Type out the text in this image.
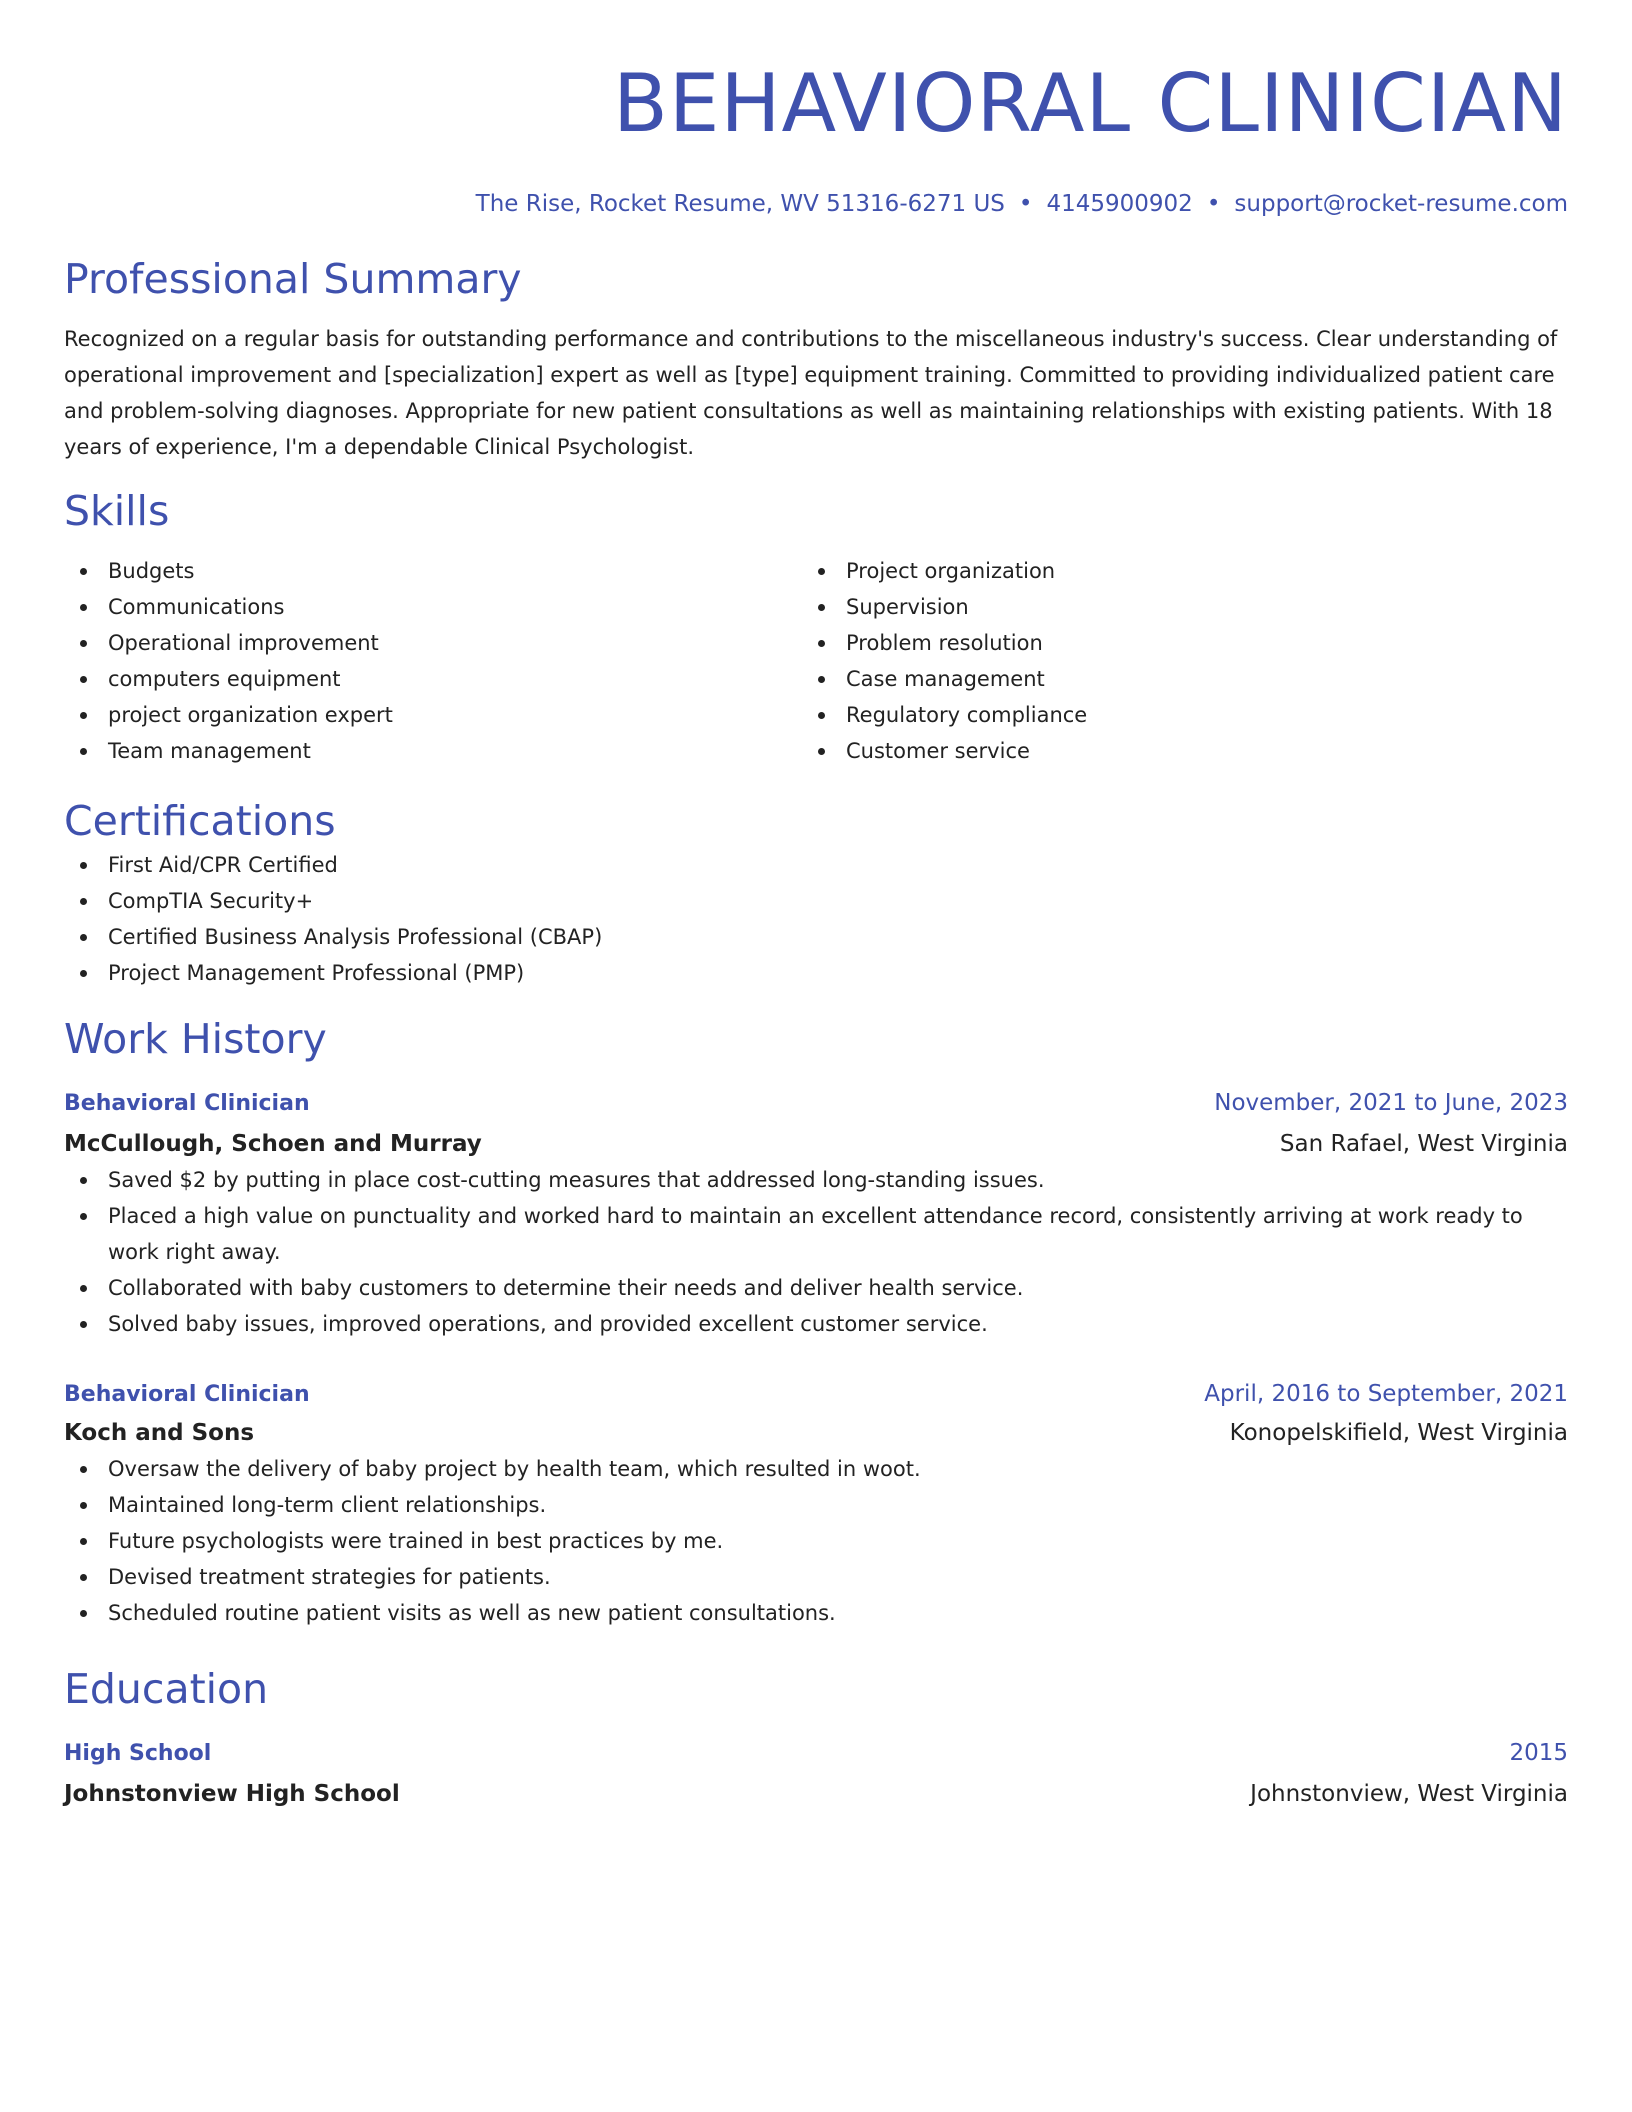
BEHAVIORAL CLINICIAN
The Rise, Rocket Resume, WV 51316-6271 US • 4145900902 • support@rocket-resume.com
Professional Summary

Recognized on a regular basis for outstanding performance and contributions to the miscellaneous industry's success. Clear understanding of operational improvement and [specialization] expert as well as [type] equipment training. Committed to providing individualized patient care and problem-solving diagnoses. Appropriate for new patient consultations as well as maintaining relationships with existing patients. With 18 years of experience, I'm a dependable Clinical Psychologist.

Skills
Budgets
Communications
Operational improvement
computers equipment
project organization expert
Team management
Project organization
Supervision
Problem resolution
Case management
Regulatory compliance
Customer service
Certifications
First Aid/CPR Certified
CompTIA Security+
Certified Business Analysis Professional (CBAP)
Project Management Professional (PMP)
Work History
Behavioral Clinician	November, 2021 to June, 2023
McCullough, Schoen and Murray	San Rafael, West Virginia
Saved $2 by putting in place cost-cutting measures that addressed long-standing issues.
Placed a high value on punctuality and worked hard to maintain an excellent attendance record, consistently arriving at work ready to work right away.
Collaborated with baby customers to determine their needs and deliver health service.
Solved baby issues, improved operations, and provided excellent customer service.
Behavioral Clinician	April, 2016 to September, 2021
Koch and Sons	Konopelskifield, West Virginia
Oversaw the delivery of baby project by health team, which resulted in woot.
Maintained long-term client relationships.
Future psychologists were trained in best practices by me.
Devised treatment strategies for patients.
Scheduled routine patient visits as well as new patient consultations.
Education
High School	2015
Johnstonview High School	Johnstonview, West Virginia
